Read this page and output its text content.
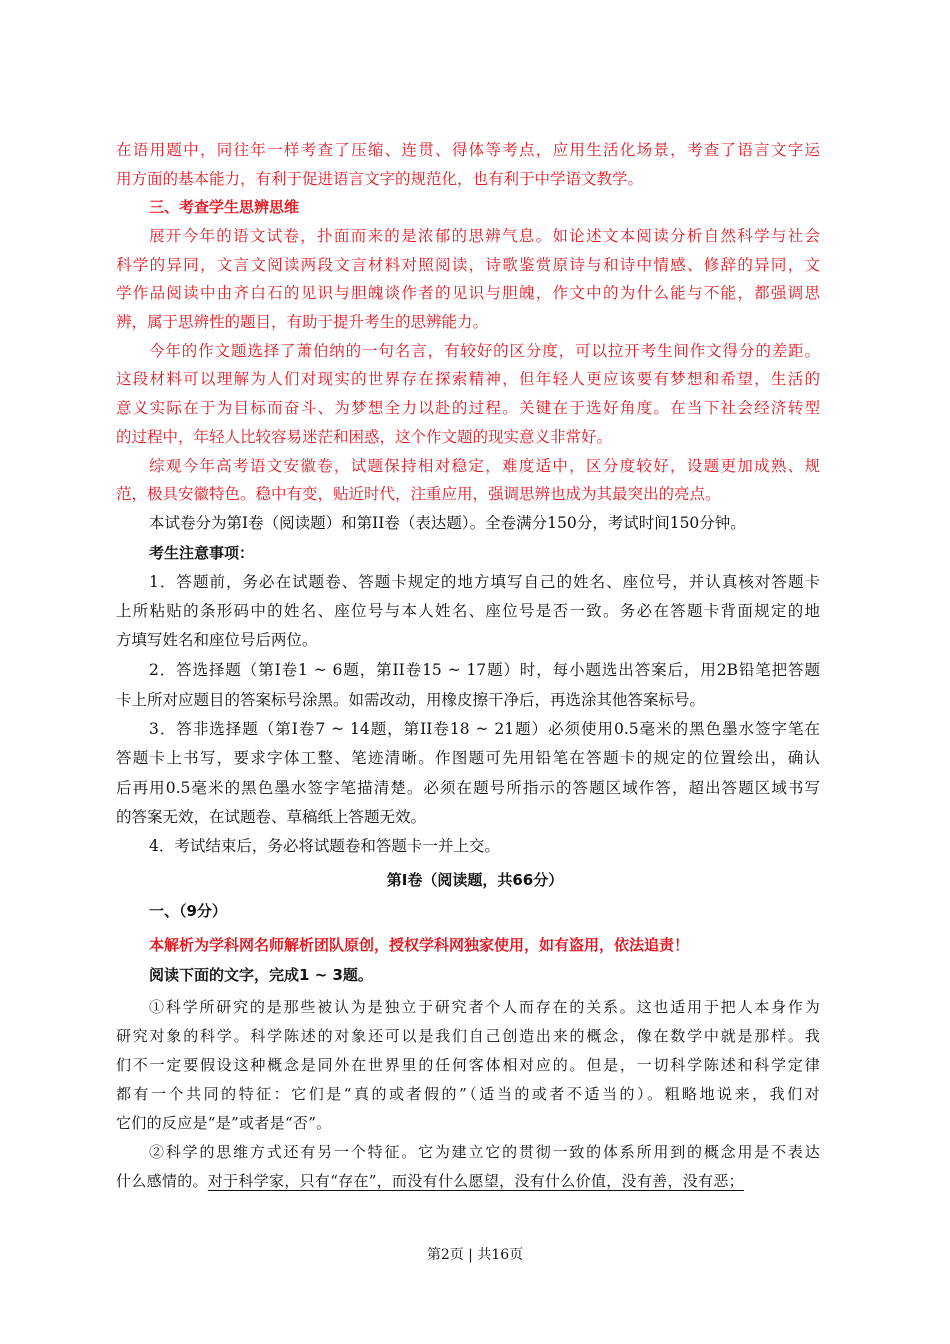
在语用题中，同往年一样考查了压缩、连贯、得体等考点，应用生活化场景，考查了语言文字运
用方面的基本能力，有利于促进语言文字的规范化，也有利于中学语文教学。
三、考查学生思辨思维
展开今年的语文试卷，扑面而来的是浓郁的思辨气息。如论述文本阅读分析自然科学与社会
科学的异同，文言文阅读两段文言材料对照阅读，诗歌鉴赏原诗与和诗中情感、修辞的异同，文
学作品阅读中由齐白石的见识与胆魄谈作者的见识与胆魄，作文中的为什么能与不能，都强调思
辨，属于思辨性的题目，有助于提升考生的思辨能力。
今年的作文题选择了萧伯纳的一句名言，有较好的区分度，可以拉开考生间作文得分的差距。
这段材料可以理解为人们对现实的世界存在探索精神，但年轻人更应该要有梦想和希望，生活的
意义实际在于为目标而奋斗、为梦想全力以赴的过程。关键在于选好角度。在当下社会经济转型
的过程中，年轻人比较容易迷茫和困惑，这个作文题的现实意义非常好。
综观今年高考语文安徽卷，试题保持相对稳定，难度适中，区分度较好，设题更加成熟、规
范，极具安徽特色。稳中有变，贴近时代，注重应用，强调思辨也成为其最突出的亮点。
本试卷分为第I卷（阅读题）和第II卷（表达题）。全卷满分150分，考试时间150分钟。
考生注意事项：
1．答题前，务必在试题卷、答题卡规定的地方填写自己的姓名、座位号，并认真核对答题卡
上所粘贴的条形码中的姓名、座位号与本人姓名、座位号是否一致。务必在答题卡背面规定的地
方填写姓名和座位号后两位。
2．答选择题（第I卷1 ~ 6题，第II卷15 ~ 17题）时，每小题选出答案后，用2B铅笔把答题
卡上所对应题目的答案标号涂黑。如需改动，用橡皮擦干净后，再选涂其他答案标号。
3．答非选择题（第I卷7 ~ 14题，第II卷18 ~ 21题）必须使用0.5毫米的黑色墨水签字笔在
答题卡上书写，要求字体工整、笔迹清晰。作图题可先用铅笔在答题卡的规定的位置绘出，确认
后再用0.5毫米的黑色墨水签字笔描清楚。必须在题号所指示的答题区域作答，超出答题区域书写
的答案无效，在试题卷、草稿纸上答题无效。
4．考试结束后，务必将试题卷和答题卡一并上交。
第I卷（阅读题，共66分）
一、（9分）
本解析为学科网名师解析团队原创，授权学科网独家使用，如有盗用，依法追责！
阅读下面的文字，完成1 ~ 3题。
①科学所研究的是那些被认为是独立于研究者个人而存在的关系。这也适用于把人本身作为
研究对象的科学。科学陈述的对象还可以是我们自己创造出来的概念，像在数学中就是那样。我
们不一定要假设这种概念是同外在世界里的任何客体相对应的。但是，一切科学陈述和科学定律
都有一个共同的特征：它们是“真的或者假的”（适当的或者不适当的）。粗略地说来，我们对
它们的反应是“是”或者是“否”。
②科学的思维方式还有另一个特征。它为建立它的贯彻一致的体系所用到的概念用是不表达
什么感情的。对于科学家，只有“存在”，而没有什么愿望，没有什么价值，没有善，没有恶；
第2页 | 共16页
